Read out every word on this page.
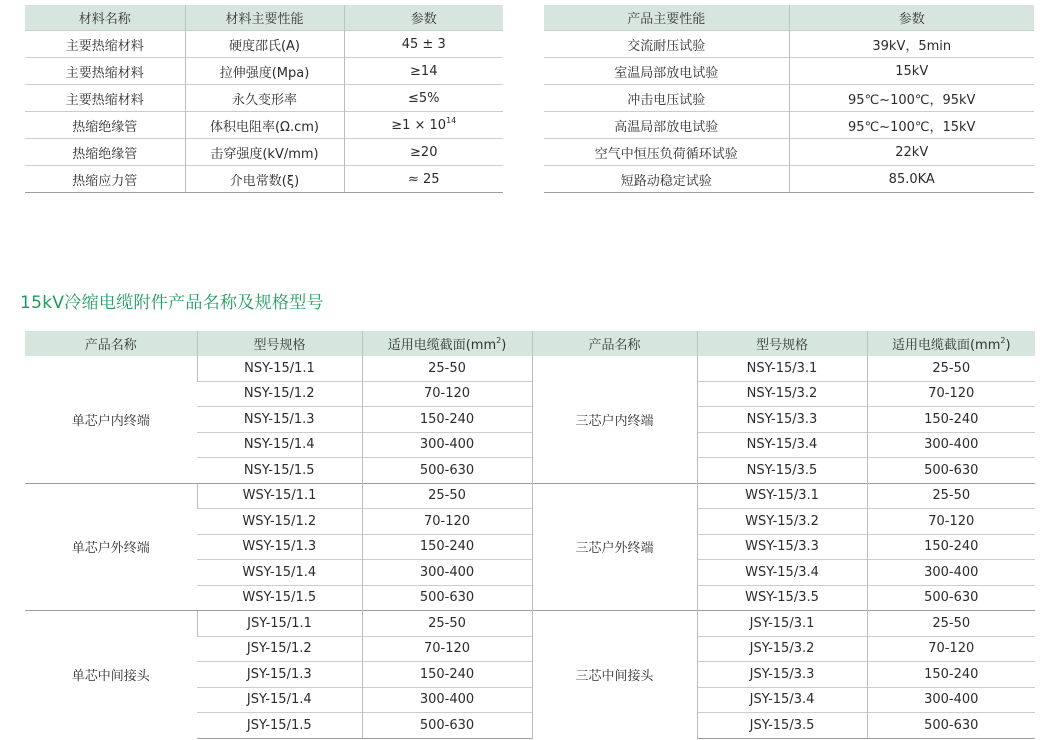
材料名称	材料主要性能	参数
主要热缩材料	硬度邵氏(A)	45 ± 3
主要热缩材料	拉伸强度(Mpa)	≥14
主要热缩材料	永久变形率	≤5%
热缩绝缘管	体积电阻率(Ω.cm)	$\ge 1 \times 10^{14}$
热缩绝缘管	击穿强度(kV/mm)	≥20
热缩应力管	介电常数(ξ)	≈ 25
产品主要性能	参数
交流耐压试验	39kV，5min
室温局部放电试验	15kV
冲击电压试验	95℃~100℃，95kV
高温局部放电试验	95℃~100℃，15kV
空气中恒压负荷循环试验	22kV
短路动稳定试验	85.0KA
15kV冷缩电缆附件产品名称及规格型号
产品名称	型号规格	适用电缆截面$(mm^2)$	产品名称	型号规格	适用电缆截面$(mm^2)$
单芯户内终端	NSY-15/1.1	25-50	三芯户内终端	NSY-15/3.1	25-50
	NSY-15/1.2	70-120		NSY-15/3.2	70-120
	NSY-15/1.3	150-240		NSY-15/3.3	150-240
	NSY-15/1.4	300-400		NSY-15/3.4	300-400
	NSY-15/1.5	500-630		NSY-15/3.5	500-630
单芯户外终端	WSY-15/1.1	25-50	三芯户外终端	WSY-15/3.1	25-50
	WSY-15/1.2	70-120		WSY-15/3.2	70-120
	WSY-15/1.3	150-240		WSY-15/3.3	150-240
	WSY-15/1.4	300-400		WSY-15/3.4	300-400
	WSY-15/1.5	500-630		WSY-15/3.5	500-630
单芯中间接头	JSY-15/1.1	25-50	三芯中间接头	JSY-15/3.1	25-50
	JSY-15/1.2	70-120		JSY-15/3.2	70-120
	JSY-15/1.3	150-240		JSY-15/3.3	150-240
	JSY-15/1.4	300-400		JSY-15/3.4	300-400
	JSY-15/1.5	500-630		JSY-15/3.5	500-630
